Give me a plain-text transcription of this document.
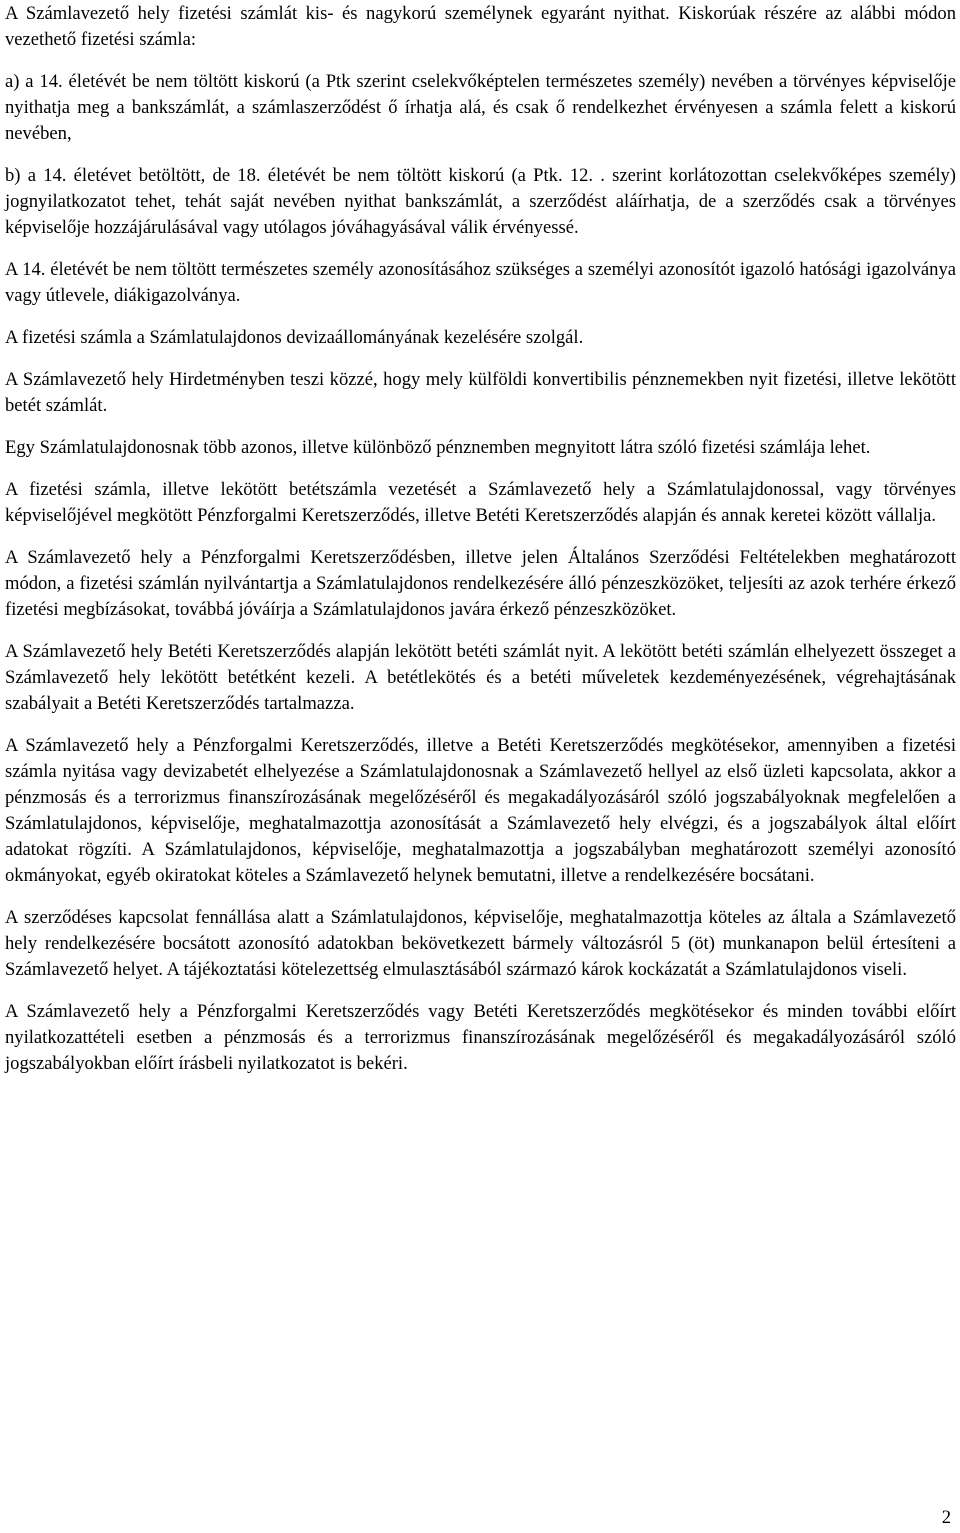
A Számlavezető hely fizetési számlát kis- és nagykorú személynek egyaránt nyithat. Kiskorúak részére az alábbi módon vezethető fizetési számla:

a) a 14. életévét be nem töltött kiskorú (a Ptk szerint cselekvőképtelen természetes személy) nevében a törvényes képviselője nyithatja meg a bankszámlát, a számlaszerződést ő írhatja alá, és csak ő rendelkezhet érvényesen a számla felett a kiskorú nevében,

b) a 14. életévet betöltött, de 18. életévét be nem töltött kiskorú (a Ptk. 12. . szerint korlátozottan cselekvőképes személy) jognyilatkozatot tehet, tehát saját nevében nyithat bankszámlát, a szerződést aláírhatja, de a szerződés csak a törvényes képviselője hozzájárulásával vagy utólagos jóváhagyásával válik érvényessé.

A 14. életévét be nem töltött természetes személy azonosításához szükséges a személyi azonosítót igazoló hatósági igazolványa vagy útlevele, diákigazolványa.

A fizetési számla a Számlatulajdonos devizaállományának kezelésére szolgál.

A Számlavezető hely Hirdetményben teszi közzé, hogy mely külföldi konvertibilis pénznemekben nyit fizetési, illetve lekötött betét számlát.

Egy Számlatulajdonosnak több azonos, illetve különböző pénznemben megnyitott látra szóló fizetési számlája lehet.

A fizetési számla, illetve lekötött betétszámla vezetését a Számlavezető hely a Számlatulajdonossal, vagy törvényes képviselőjével megkötött Pénzforgalmi Keretszerződés, illetve Betéti Keretszerződés alapján és annak keretei között vállalja.

A Számlavezető hely a Pénzforgalmi Keretszerződésben, illetve jelen Általános Szerződési Feltételekben meghatározott módon, a fizetési számlán nyilvántartja a Számlatulajdonos rendelkezésére álló pénzeszközöket, teljesíti az azok terhére érkező fizetési megbízásokat, továbbá jóváírja a Számlatulajdonos javára érkező pénzeszközöket.

A Számlavezető hely Betéti Keretszerződés alapján lekötött betéti számlát nyit. A lekötött betéti számlán elhelyezett összeget a Számlavezető hely lekötött betétként kezeli. A betétlekötés és a betéti műveletek kezdeményezésének, végrehajtásának szabályait a Betéti Keretszerződés tartalmazza.

A Számlavezető hely a Pénzforgalmi Keretszerződés, illetve a Betéti Keretszerződés megkötésekor, amennyiben a fizetési számla nyitása vagy devizabetét elhelyezése a Számlatulajdonosnak a Számlavezető hellyel az első üzleti kapcsolata, akkor a pénzmosás és a terrorizmus finanszírozásának megelőzéséről és megakadályozásáról szóló jogszabályoknak megfelelően a Számlatulajdonos, képviselője, meghatalmazottja azonosítását a Számlavezető hely elvégzi, és a jogszabályok által előírt adatokat rögzíti. A Számlatulajdonos, képviselője, meghatalmazottja a jogszabályban meghatározott személyi azonosító okmányokat, egyéb okiratokat köteles a Számlavezető helynek bemutatni, illetve a rendelkezésére bocsátani.

A szerződéses kapcsolat fennállása alatt a Számlatulajdonos, képviselője, meghatalmazottja köteles az általa a Számlavezető hely rendelkezésére bocsátott azonosító adatokban bekövetkezett bármely változásról 5 (öt) munkanapon belül értesíteni a Számlavezető helyet. A tájékoztatási kötelezettség elmulasztásából származó károk kockázatát a Számlatulajdonos viseli.

A Számlavezető hely a Pénzforgalmi Keretszerződés vagy Betéti Keretszerződés megkötésekor és minden további előírt nyilatkozattételi esetben a pénzmosás és a terrorizmus finanszírozásának megelőzéséről és megakadályozásáról szóló jogszabályokban előírt írásbeli nyilatkozatot is bekéri.

2
